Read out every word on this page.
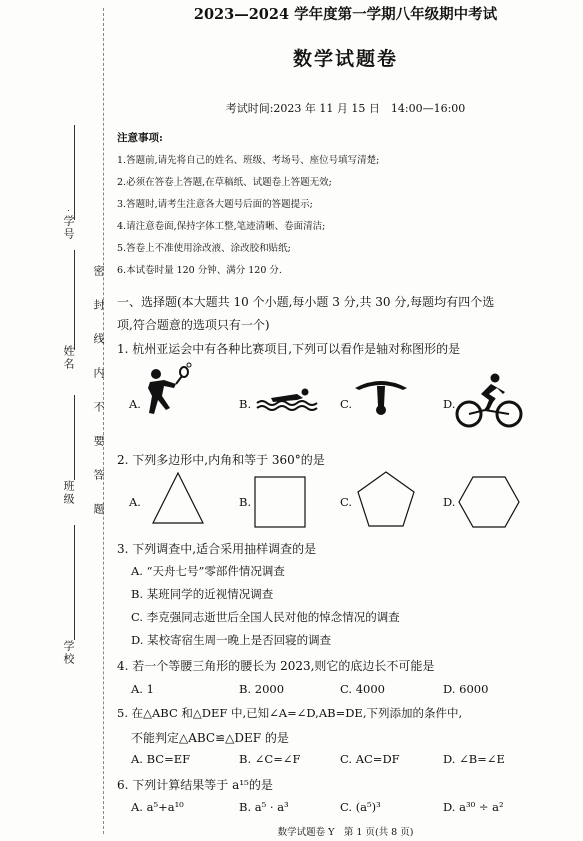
学号
姓名
班级
学校
密封线内不要答题
2023—2024 学年度第一学期八年级期中考试
数学试题卷
考试时间:2023 年 11 月 15 日　14:00—16:00
注意事项:
1.答题前,请先将自己的姓名、班级、考场号、座位号填写清楚;
2.必须在答卷上答题,在草稿纸、试题卷上答题无效;
3.答题时,请考生注意各大题号后面的答题提示;
4.请注意卷面,保持字体工整,笔迹清晰、卷面清洁;
5.答卷上不准使用涂改液、涂改胶和贴纸;
6.本试卷时量 120 分钟、满分 120 分.
一、选择题(本大题共 10 个小题,每小题 3 分,共 30 分,每题均有四个选
项,符合题意的选项只有一个)
1. 杭州亚运会中有各种比赛项目,下列可以看作是轴对称图形的是
A.	B.	C.	D.
2. 下列多边形中,内角和等于 360°的是
A.	B.	C.	D.
3. 下列调查中,适合采用抽样调查的是
A. “天舟七号”零部件情况调查
B. 某班同学的近视情况调查
C. 李克强同志逝世后全国人民对他的悼念情况的调查
D. 某校寄宿生周一晚上是否回寝的调查
4. 若一个等腰三角形的腰长为 2023,则它的底边长不可能是
A. 1	B. 2000	C. 4000	D. 6000
5. 在△ABC 和△DEF 中,已知∠A=∠D,AB=DE,下列添加的条件中,
不能判定△ABC≌△DEF 的是
A. BC=EF	B. ∠C=∠F	C. AC=DF	D. ∠B=∠E
6. 下列计算结果等于 a¹⁵的是
A. a⁵+a¹⁰	B. a⁵ · a³	C. (a⁵)³	D. a³⁰ ÷ a²
数学试题卷 Y　第 1 页(共 8 页)
